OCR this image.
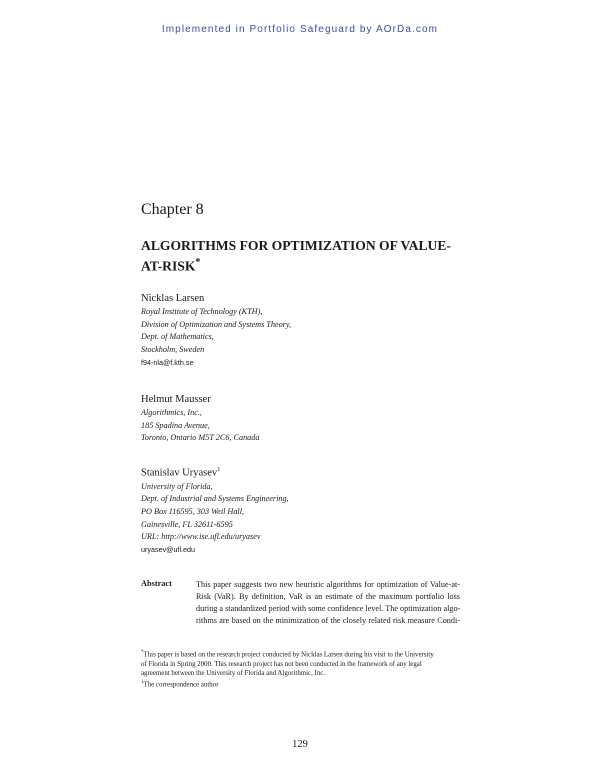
Implemented in Portfolio Safeguard by AOrDa.com
Chapter 8
ALGORITHMS FOR OPTIMIZATION OF VALUE-
AT-RISK*
Nicklas Larsen
Royal Institute of Technology (KTH),
Division of Optimization and Systems Theory,
Dept. of Mathematics,
Stockholm, Sweden
f94-nla@f.kth.se
Helmut Mausser
Algorithmics, Inc.,
185 Spadina Avenue,
Toronto, Ontario M5T 2C6, Canada
Stanislav Uryasev$^1$
University of Florida,
Dept. of Industrial and Systems Engineering,
PO Box 116595, 303 Weil Hall,
Gainesville, FL 32611-6595
URL: http://www.ise.ufl.edu/uryasev
uryasev@ufl.edu
Abstract	This paper suggests two new heuristic algorithms for optimization of Value-at-
Risk (VaR). By definition, VaR is an estimate of the maximum portfolio loss
during a standardized period with some confidence level. The optimization algo-
rithms are based on the minimization of the closely related risk measure Condi-
*This paper is based on the research project conducted by Nicklas Larsen during his visit to the University
of Florida in Spring 2000. This research project has not been conducted in the framework of any legal
agreement between the University of Florida and Algorithmic, Inc.
$^1$The correspondence author
129
